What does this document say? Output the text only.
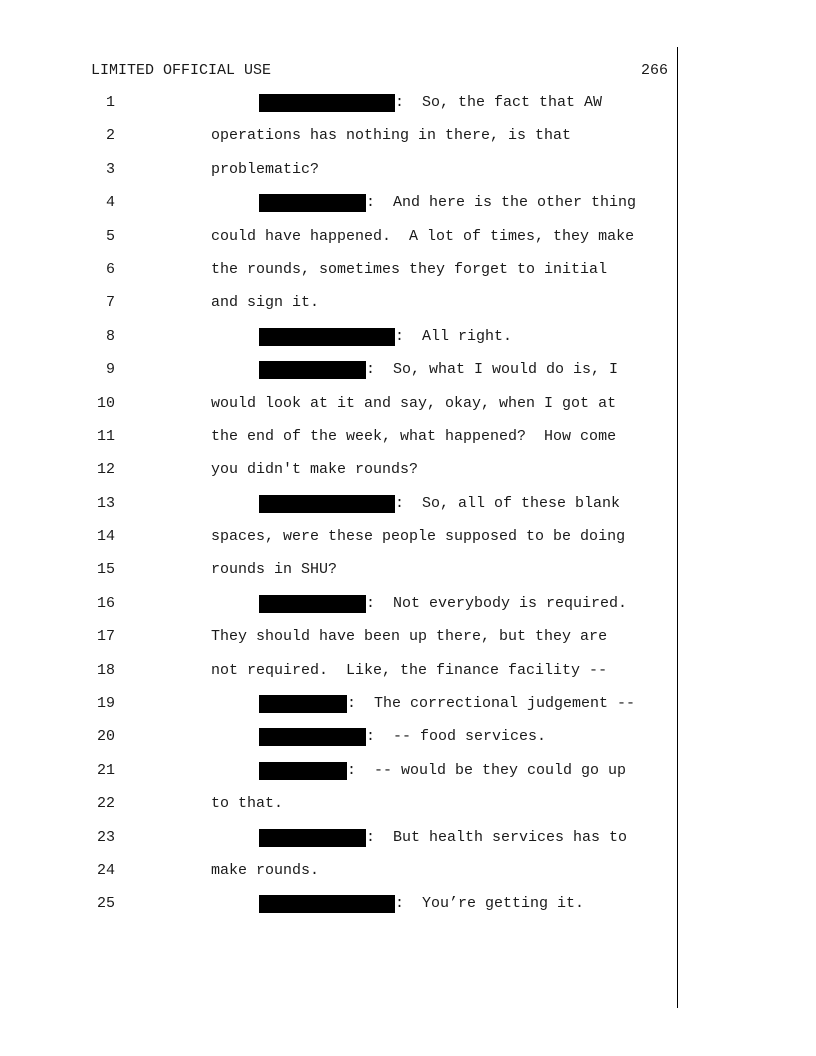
LIMITED OFFICIAL USE	266
1	:  So, the fact that AW
2	operations has nothing in there, is that
3	problematic?
4	:  And here is the other thing
5	could have happened.  A lot of times, they make
6	the rounds, sometimes they forget to initial
7	and sign it.
8	:  All right.
9	:  So, what I would do is, I
10	would look at it and say, okay, when I got at
11	the end of the week, what happened?  How come
12	you didn't make rounds?
13	:  So, all of these blank
14	spaces, were these people supposed to be doing
15	rounds in SHU?
16	:  Not everybody is required.
17	They should have been up there, but they are
18	not required.  Like, the finance facility --
19	:  The correctional judgement --
20	:  -- food services.
21	:  -- would be they could go up
22	to that.
23	:  But health services has to
24	make rounds.
25	:  You’re getting it.
